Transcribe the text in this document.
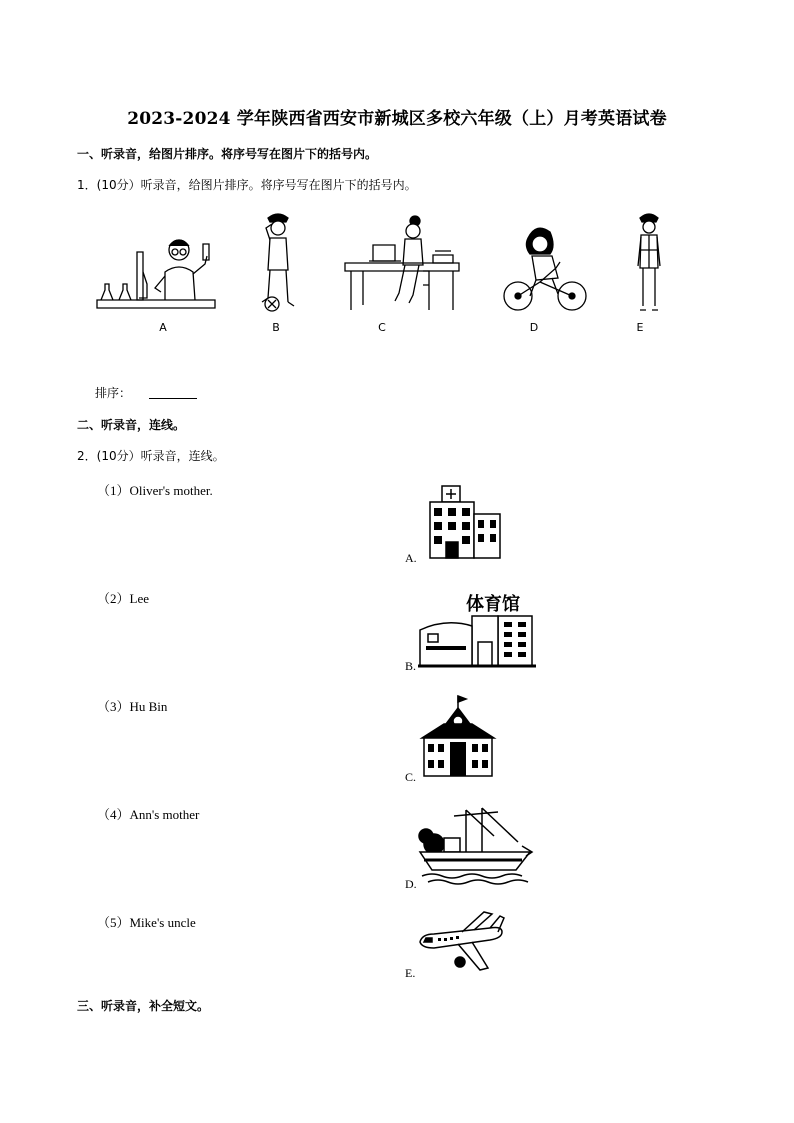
2023-2024 学年陕西省西安市新城区多校六年级（上）月考英语试卷
一、听录音，给图片排序。将序号写在图片下的括号内。
1．(10分）听录音，给图片排序。将序号写在图片下的括号内。
A	B	C	D	E
排序：
二、听录音，连线。
2．(10分）听录音，连线。
（1）Oliver's mother.
（2）Lee
（3）Hu Bin
（4）Ann's mother
（5）Mike's uncle
A.
体育馆
B.
C.
D.
E.
三、听录音，补全短文。
